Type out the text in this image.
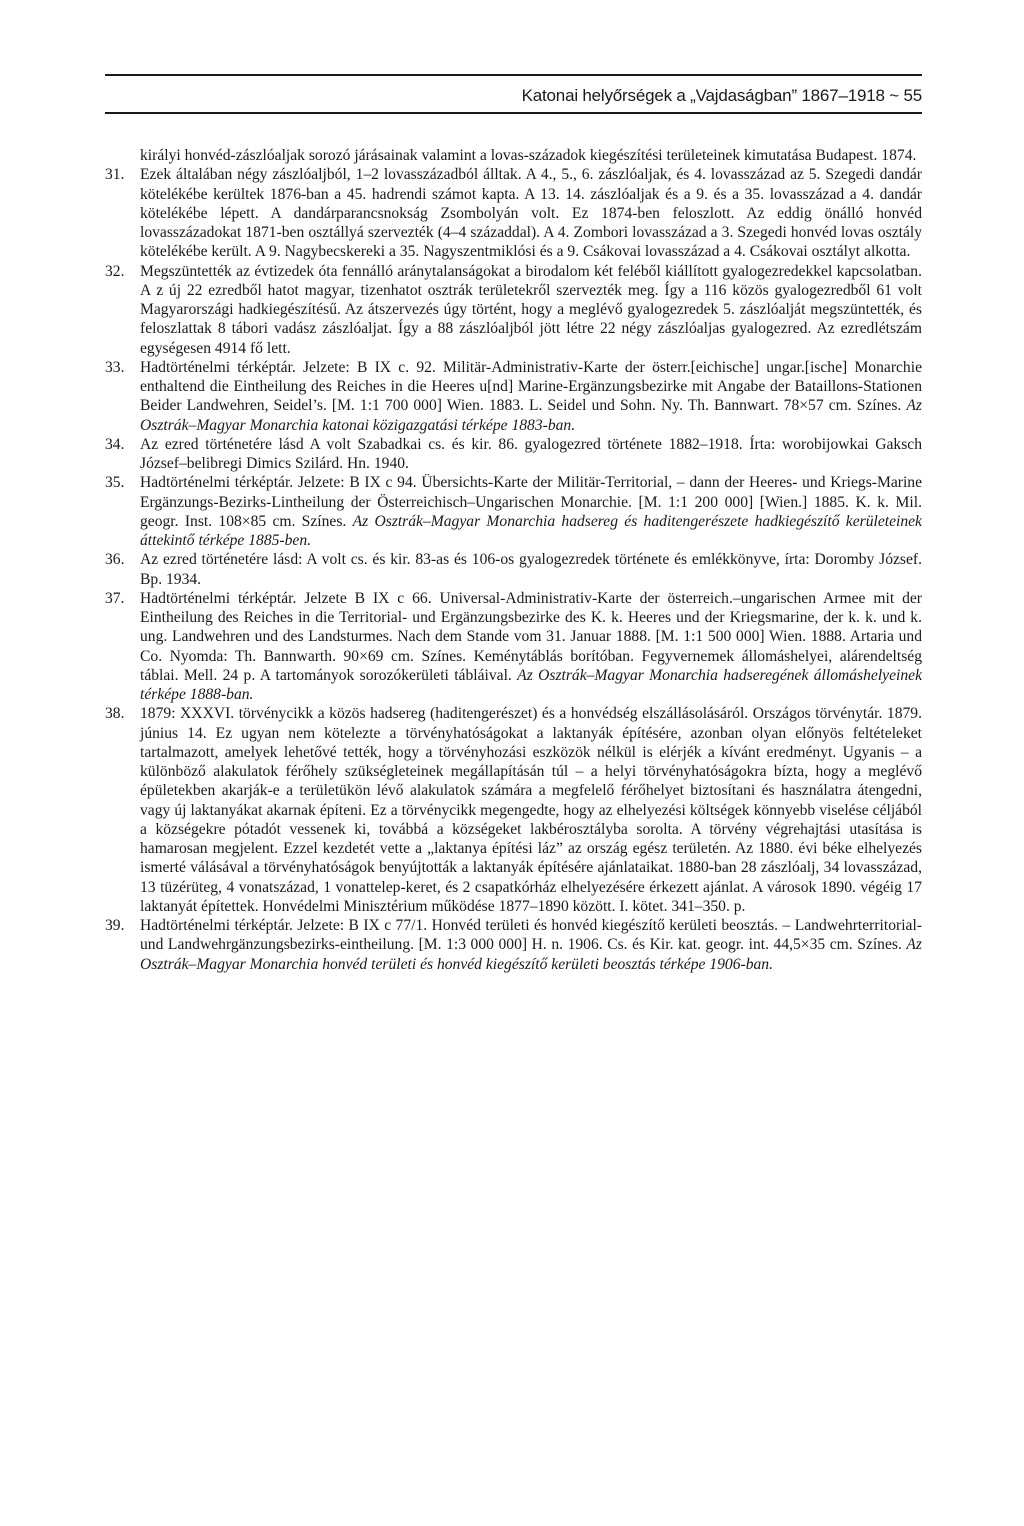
Katonai helyőrségek a „Vajdaságban” 1867–1918 ~ 55
királyi honvéd-zászlóaljak sorozó járásainak valamint a lovas-századok kiegészítési területeinek kimutatása Budapest. 1874.
31. Ezek általában négy zászlóaljból, 1–2 lovasszázadból álltak. A 4., 5., 6. zászlóaljak, és 4. lovasszázad az 5. Szegedi dandár kötelékébe kerültek 1876-ban a 45. hadrendi számot kapta. A 13. 14. zászlóaljak és a 9. és a 35. lovasszázad a 4. dandár kötelékébe lépett. A dandárparancsnokság Zsombolyán volt. Ez 1874-ben feloszlott. Az eddig önálló honvéd lovasszázadokat 1871-ben osztállyá szervezték (4–4 századdal). A 4. Zombori lovasszázad a 3. Szegedi honvéd lovas osztály kötelékébe került. A 9. Nagybecskereki a 35. Nagyszentmiklósi és a 9. Csákovai lovasszázad a 4. Csákovai osztályt alkotta.
32. Megszüntették az évtizedek óta fennálló aránytalanságokat a birodalom két feléből kiállított gyalogezredekkel kapcsolatban. A z új 22 ezredből hatot magyar, tizenhatot osztrák területekről szervezték meg. Így a 116 közös gyalogezredből 61 volt Magyarországi hadkiegészítésű. Az átszervezés úgy történt, hogy a meglévő gyalogezredek 5. zászlóalját megszüntették, és feloszlattak 8 tábori vadász zászlóaljat. Így a 88 zászlóaljból jött létre 22 négy zászlóaljas gyalogezred. Az ezredlétszám egységesen 4914 fő lett.
33. Hadtörténelmi térképtár. Jelzete: B IX c. 92. Militär-Administrativ-Karte der österr.[eichische] ungar.[ische] Monarchie enthaltend die Eintheilung des Reiches in die Heeres u[nd] Marine-Ergänzungsbezirke mit Angabe der Bataillons-Stationen Beider Landwehren, Seidel’s. [M. 1:1 700 000] Wien. 1883. L. Seidel und Sohn. Ny. Th. Bannwart. 78×57 cm. Színes. Az Osztrák–Magyar Monarchia katonai közigazgatási térképe 1883-ban.
34. Az ezred történetére lásd A volt Szabadkai cs. és kir. 86. gyalogezred története 1882–1918. Írta: worobijowkai Gaksch József–belibregi Dimics Szilárd. Hn. 1940.
35. Hadtörténelmi térképtár. Jelzete: B IX c 94. Übersichts-Karte der Militär-Territorial, – dann der Heeres- und Kriegs-Marine Ergänzungs-Bezirks-Lintheilung der Österreichisch–Ungarischen Monarchie. [M. 1:1 200 000] [Wien.] 1885. K. k. Mil. geogr. Inst. 108×85 cm. Színes. Az Osztrák–Magyar Monarchia hadsereg és haditengerészete hadkiegészítő kerületeinek áttekintő térképe 1885-ben.
36. Az ezred történetére lásd: A volt cs. és kir. 83-as és 106-os gyalogezredek története és emlékkönyve, írta: Doromby József. Bp. 1934.
37. Hadtörténelmi térképtár. Jelzete B IX c 66. Universal-Administrativ-Karte der österreich.–ungarischen Armee mit der Eintheilung des Reiches in die Territorial- und Ergänzungsbezirke des K. k. Heeres und der Kriegsmarine, der k. k. und k. ung. Landwehren und des Landsturmes. Nach dem Stande vom 31. Januar 1888. [M. 1:1 500 000] Wien. 1888. Artaria und Co. Nyomda: Th. Bannwarth. 90×69 cm. Színes. Keménytáblás borítóban. Fegyvernemek állomáshelyei, alárendeltség táblai. Mell. 24 p. A tartományok sorozókerületi tábláival. Az Osztrák–Magyar Monarchia hadseregének állomáshelyeinek térképe 1888-ban.
38. 1879: XXXVI. törvénycikk a közös hadsereg (haditengerészet) és a honvédség elszállásolásáról. Országos törvénytár. 1879. június 14. Ez ugyan nem kötelezte a törvényhatóságokat a laktanyák építésére, azonban olyan előnyös feltételeket tartalmazott, amelyek lehetővé tették, hogy a törvényhozási eszközök nélkül is elérjék a kívánt eredményt. Ugyanis – a különböző alakulatok férőhely szükségleteinek megállapításán túl – a helyi törvényhatóságokra bízta, hogy a meglévő épületekben akarják-e a területükön lévő alakulatok számára a megfelelő férőhelyet biztosítani és használatra átengedni, vagy új laktanyákat akarnak építeni. Ez a törvénycikk megengedte, hogy az elhelyezési költségek könnyebb viselése céljából a községekre pótadót vessenek ki, továbbá a községeket lakbérosztályba sorolta. A törvény végrehajtási utasítása is hamarosan megjelent. Ezzel kezdetét vette a „laktanya építési láz” az ország egész területén. Az 1880. évi béke elhelyezés ismerté válásával a törvényhatóságok benyújtották a laktanyák építésére ajánlataikat. 1880-ban 28 zászlóalj, 34 lovasszázad, 13 tüzérüteg, 4 vonatszázad, 1 vonattelep-keret, és 2 csapatkórház elhelyezésére érkezett ajánlat. A városok 1890. végéig 17 laktanyát építettek. Honvédelmi Minisztérium működése 1877–1890 között. I. kötet. 341–350. p.
39. Hadtörténelmi térképtár. Jelzete: B IX c 77/1. Honvéd területi és honvéd kiegészítő kerületi beosztás. – Landwehrterritorial- und Landwehrgänzungsbezirks-eintheilung. [M. 1:3 000 000] H. n. 1906. Cs. és Kir. kat. geogr. int. 44,5×35 cm. Színes. Az Osztrák–Magyar Monarchia honvéd területi és honvéd kiegészítő kerületi beosztás térképe 1906-ban.
